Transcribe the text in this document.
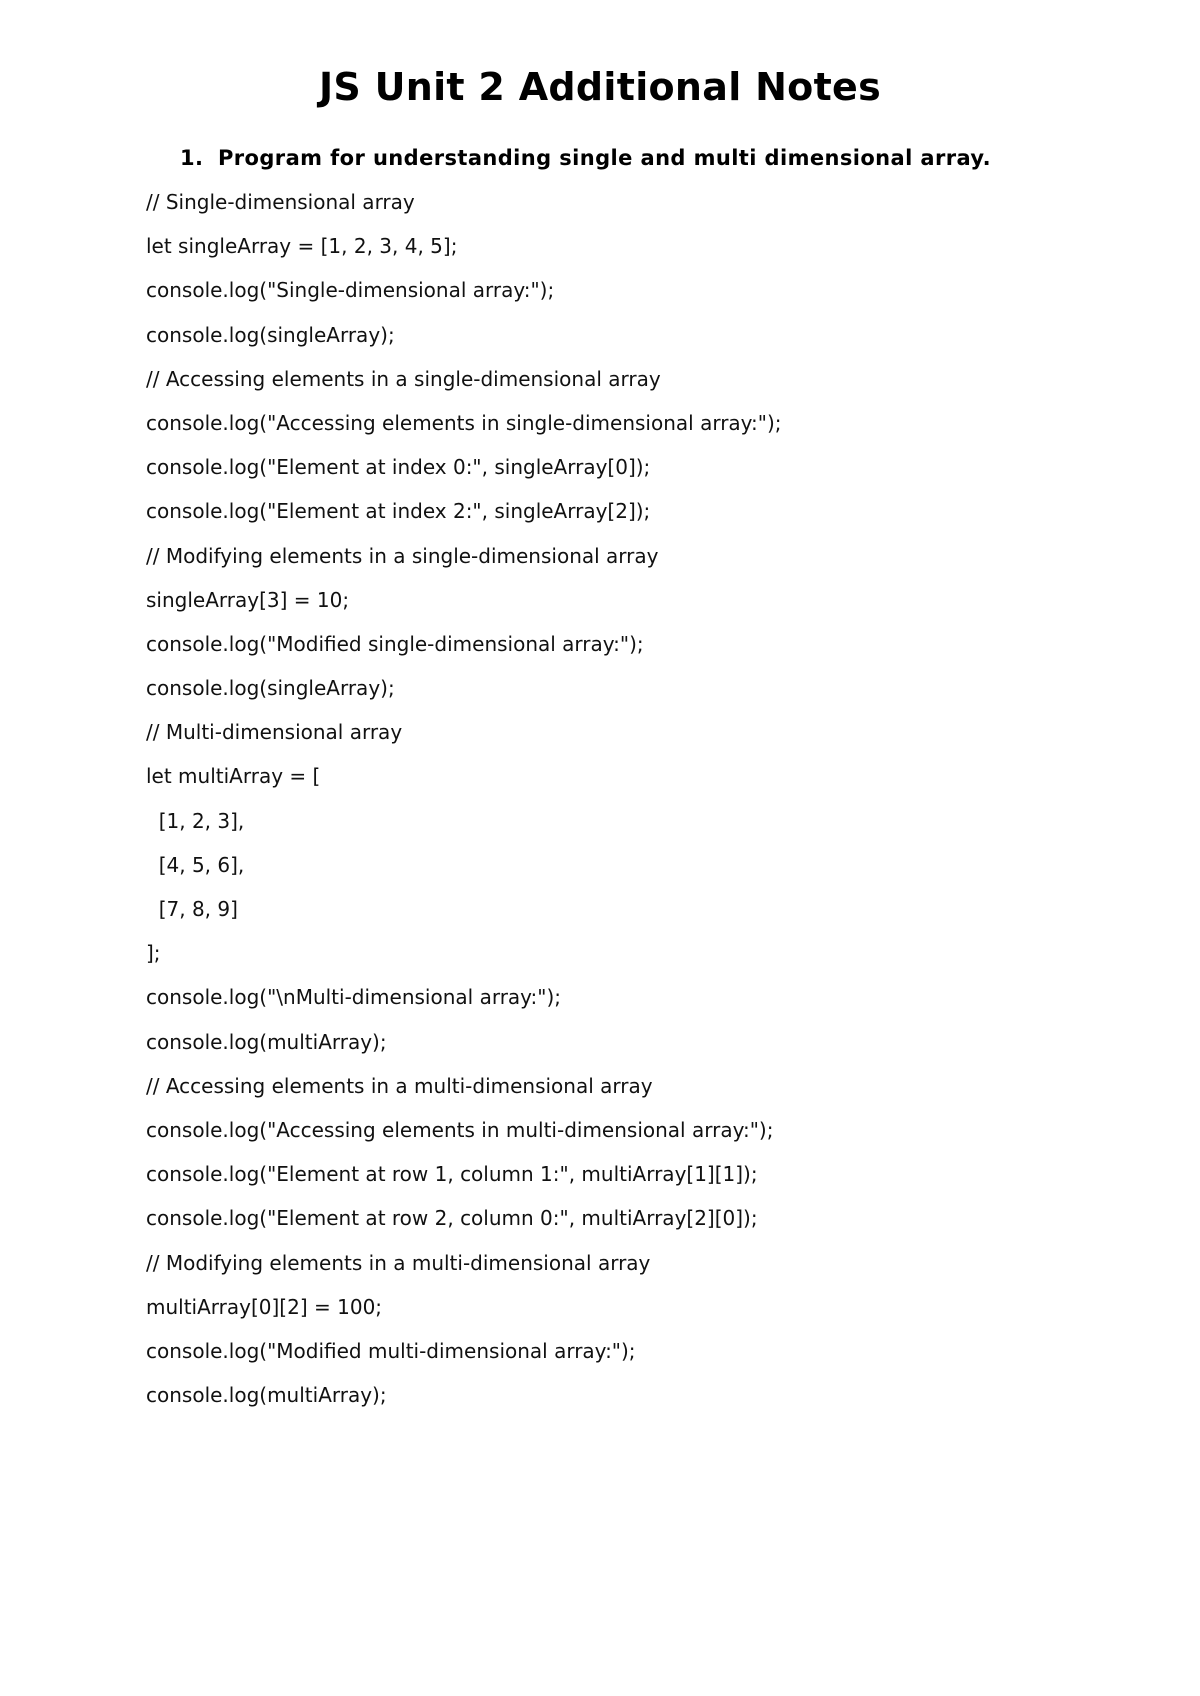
JS Unit 2 Additional Notes
1. Program for understanding single and multi dimensional array.
// Single-dimensional array
let singleArray = [1, 2, 3, 4, 5];
console.log("Single-dimensional array:");
console.log(singleArray);
// Accessing elements in a single-dimensional array
console.log("Accessing elements in single-dimensional array:");
console.log("Element at index 0:", singleArray[0]);
console.log("Element at index 2:", singleArray[2]);
// Modifying elements in a single-dimensional array
singleArray[3] = 10;
console.log("Modified single-dimensional array:");
console.log(singleArray);
// Multi-dimensional array
let multiArray = [
[1, 2, 3],
[4, 5, 6],
[7, 8, 9]
];
console.log("\nMulti-dimensional array:");
console.log(multiArray);
// Accessing elements in a multi-dimensional array
console.log("Accessing elements in multi-dimensional array:");
console.log("Element at row 1, column 1:", multiArray[1][1]);
console.log("Element at row 2, column 0:", multiArray[2][0]);
// Modifying elements in a multi-dimensional array
multiArray[0][2] = 100;
console.log("Modified multi-dimensional array:");
console.log(multiArray);
